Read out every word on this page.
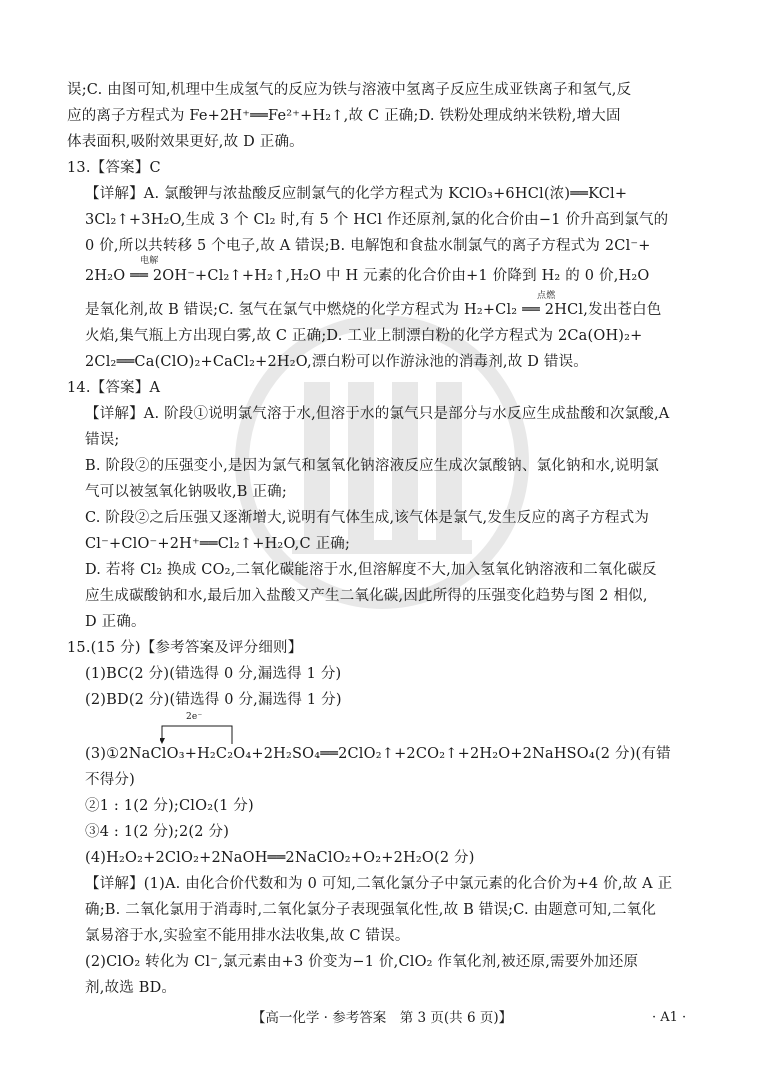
误;C. 由图可知,机理中生成氢气的反应为铁与溶液中氢离子反应生成亚铁离子和氢气,反
应的离子方程式为 Fe+2H⁺══Fe²⁺+H₂↑,故 C 正确;D. 铁粉处理成纳米铁粉,增大固
体表面积,吸附效果更好,故 D 正确。
13.【答案】C
【详解】A. 氯酸钾与浓盐酸反应制氯气的化学方程式为 KClO₃+6HCl(浓)══KCl+
3Cl₂↑+3H₂O,生成 3 个 Cl₂ 时,有 5 个 HCl 作还原剂,氯的化合价由−1 价升高到氯气的
0 价,所以共转移 5 个电子,故 A 错误;B. 电解饱和食盐水制氯气的离子方程式为 2Cl⁻+
电解
2H₂O ══ 2OH⁻+Cl₂↑+H₂↑,H₂O 中 H 元素的化合价由+1 价降到 H₂ 的 0 价,H₂O
是氧化剂,故 B 错误;C. 氢气在氯气中燃烧的化学方程式为 H₂+Cl₂ ══ 2HCl,发出苍白色
点燃
火焰,集气瓶上方出现白雾,故 C 正确;D. 工业上制漂白粉的化学方程式为 2Ca(OH)₂+
2Cl₂══Ca(ClO)₂+CaCl₂+2H₂O,漂白粉可以作游泳池的消毒剂,故 D 错误。
14.【答案】A
【详解】A. 阶段①说明氯气溶于水,但溶于水的氯气只是部分与水反应生成盐酸和次氯酸,A
错误;
B. 阶段②的压强变小,是因为氯气和氢氧化钠溶液反应生成次氯酸钠、氯化钠和水,说明氯
气可以被氢氧化钠吸收,B 正确;
C. 阶段②之后压强又逐渐增大,说明有气体生成,该气体是氯气,发生反应的离子方程式为
Cl⁻+ClO⁻+2H⁺══Cl₂↑+H₂O,C 正确;
D. 若将 Cl₂ 换成 CO₂,二氧化碳能溶于水,但溶解度不大,加入氢氧化钠溶液和二氧化碳反
应生成碳酸钠和水,最后加入盐酸又产生二氧化碳,因此所得的压强变化趋势与图 2 相似,
D 正确。
15.(15 分)【参考答案及评分细则】
(1)BC(2 分)(错选得 0 分,漏选得 1 分)
(2)BD(2 分)(错选得 0 分,漏选得 1 分)
2e⁻
(3)①2NaClO₃+H₂C₂O₄+2H₂SO₄══2ClO₂↑+2CO₂↑+2H₂O+2NaHSO₄(2 分)(有错
不得分)
②1 : 1(2 分);ClO₂(1 分)
③4 : 1(2 分);2(2 分)
(4)H₂O₂+2ClO₂+2NaOH══2NaClO₂+O₂+2H₂O(2 分)
【详解】(1)A. 由化合价代数和为 0 可知,二氧化氯分子中氯元素的化合价为+4 价,故 A 正
确;B. 二氧化氯用于消毒时,二氧化氯分子表现强氧化性,故 B 错误;C. 由题意可知,二氧化
氯易溶于水,实验室不能用排水法收集,故 C 错误。
(2)ClO₂ 转化为 Cl⁻,氯元素由+3 价变为−1 价,ClO₂ 作氧化剂,被还原,需要外加还原
剂,故选 BD。
【高一化学 · 参考答案　第 3 页(共 6 页)】	· A1 ·
